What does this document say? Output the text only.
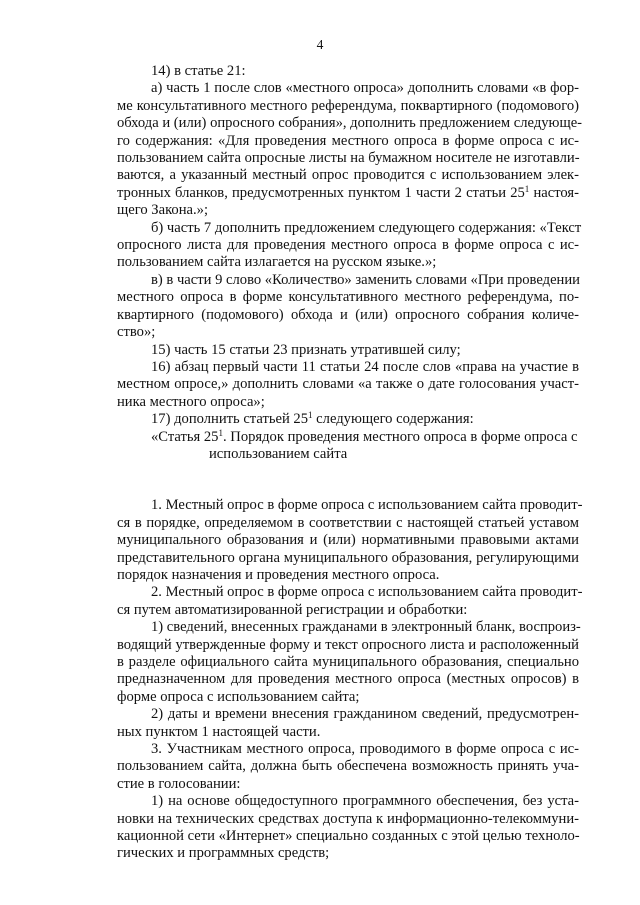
4

14) в статье 21:

а) часть 1 после слов «местного опроса» дополнить словами «в фор-
ме консультативного местного референдума, поквартирного (подомового)
обхода и (или) опросного собрания», дополнить предложением следующе-
го содержания: «Для проведения местного опроса в форме опроса с ис-
пользованием сайта опросные листы на бумажном носителе не изготавли-
ваются, а указанный местный опрос проводится с использованием элек-
тронных бланков, предусмотренных пунктом 1 части 2 статьи $25^1$ настоя-
щего Закона.»;

б) часть 7 дополнить предложением следующего содержания: «Текст
опросного листа для проведения местного опроса в форме опроса с ис-
пользованием сайта излагается на русском языке.»;

в) в части 9 слово «Количество» заменить словами «При проведении
местного опроса в форме консультативного местного референдума, по-
квартирного (подомового) обхода и (или) опросного собрания количе-
ство»;

15) часть 15 статьи 23 признать утратившей силу;

16) абзац первый части 11 статьи 24 после слов «права на участие в
местном опросе,» дополнить словами «а также о дате голосования участ-
ника местного опроса»;

17) дополнить статьей $25^1$ следующего содержания:

«Статья $25^1$. Порядок проведения местного опроса в форме опроса с
использованием сайта

1. Местный опрос в форме опроса с использованием сайта проводит-
ся в порядке, определяемом в соответствии с настоящей статьей уставом
муниципального образования и (или) нормативными правовыми актами
представительного органа муниципального образования, регулирующими
порядок назначения и проведения местного опроса.

2. Местный опрос в форме опроса с использованием сайта проводит-
ся путем автоматизированной регистрации и обработки:

1) сведений, внесенных гражданами в электронный бланк, воспроиз-
водящий утвержденные форму и текст опросного листа и расположенный
в разделе официального сайта муниципального образования, специально
предназначенном для проведения местного опроса (местных опросов) в
форме опроса с использованием сайта;

2) даты и времени внесения гражданином сведений, предусмотрен-
ных пунктом 1 настоящей части.

3. Участникам местного опроса, проводимого в форме опроса с ис-
пользованием сайта, должна быть обеспечена возможность принять уча-
стие в голосовании:

1) на основе общедоступного программного обеспечения, без уста-
новки на технических средствах доступа к информационно-телекоммуни-
кационной сети «Интернет» специально созданных с этой целью техноло-
гических и программных средств;
